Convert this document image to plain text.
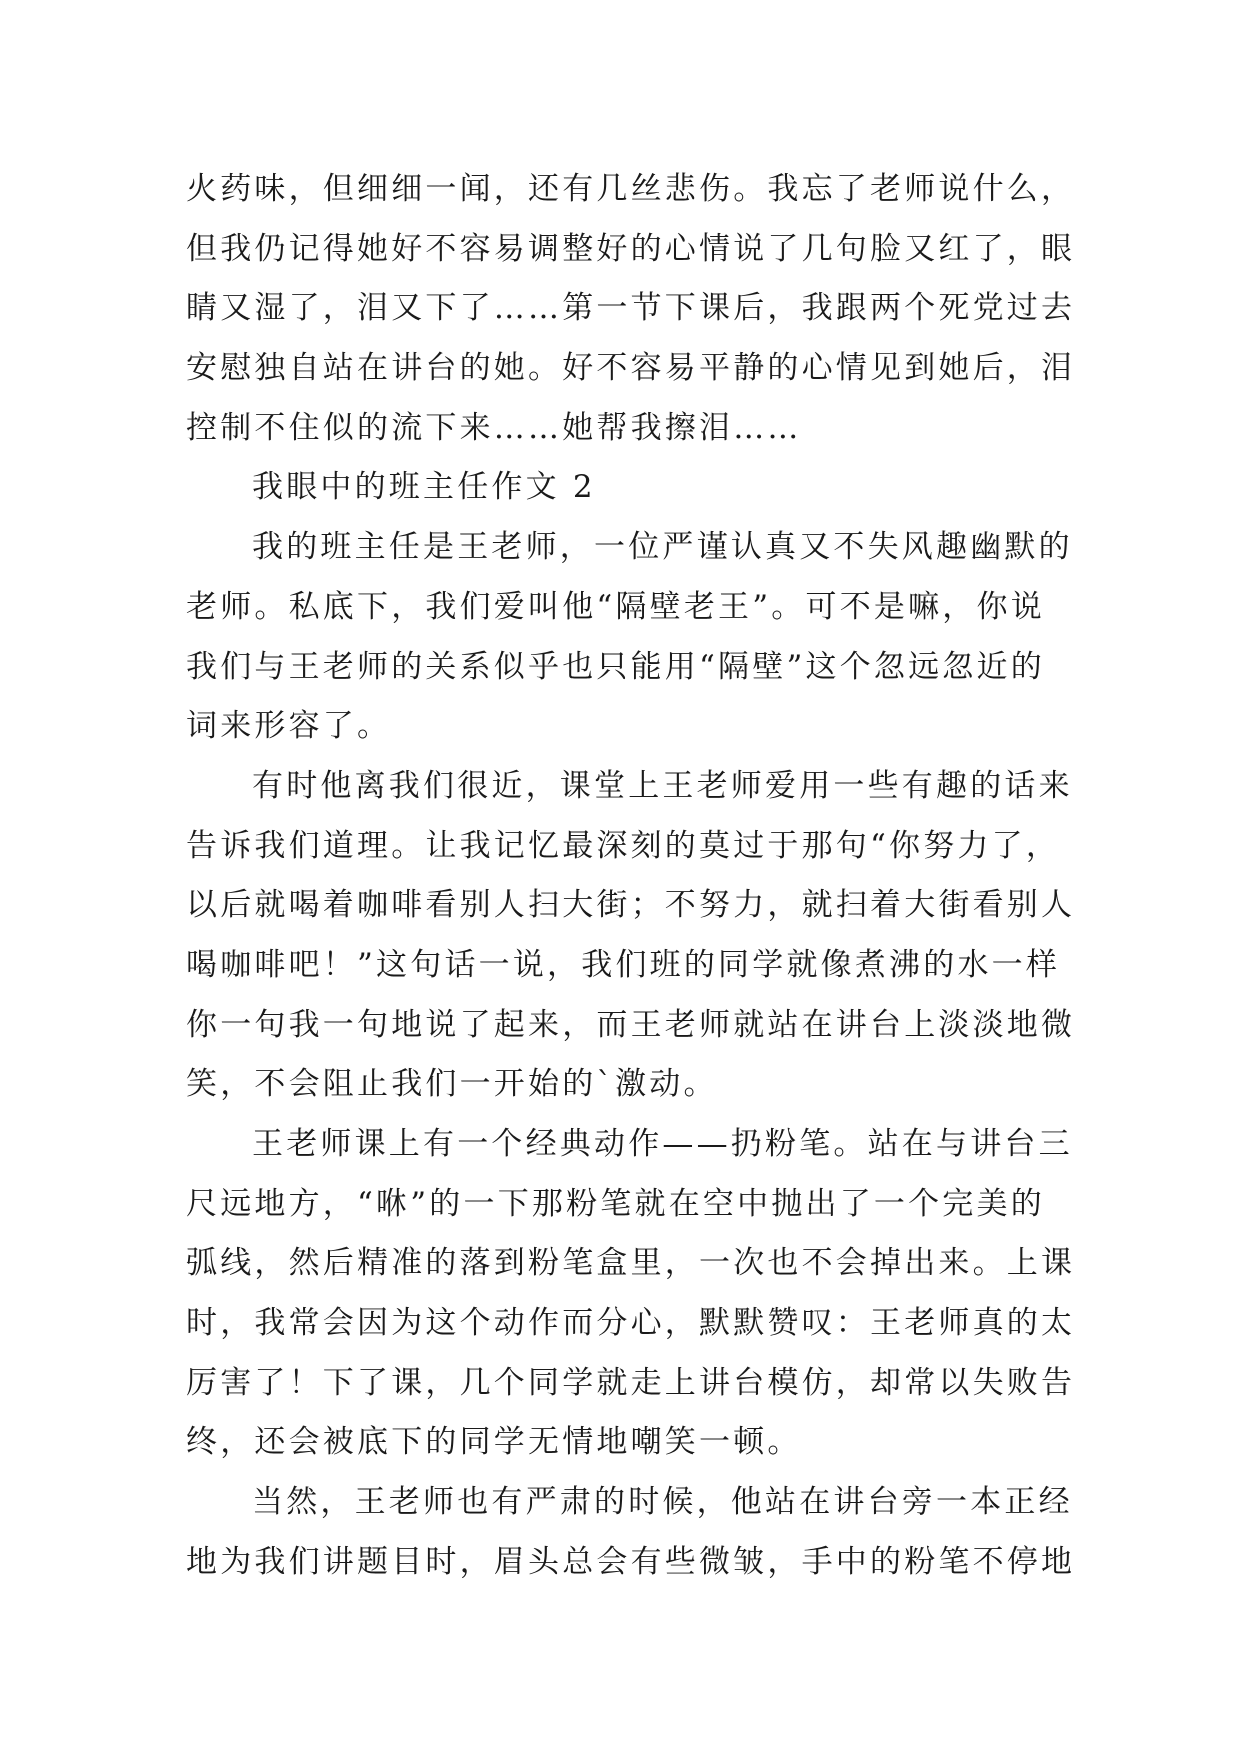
火药味，但细细一闻，还有几丝悲伤。我忘了老师说什么，
但我仍记得她好不容易调整好的心情说了几句脸又红了，眼
睛又湿了，泪又下了……第一节下课后，我跟两个死党过去
安慰独自站在讲台的她。好不容易平静的心情见到她后，泪
控制不住似的流下来……她帮我擦泪……
我眼中的班主任作文 2
我的班主任是王老师，一位严谨认真又不失风趣幽默的
老师。私底下，我们爱叫他“隔壁老王”。可不是嘛，你说
我们与王老师的关系似乎也只能用“隔壁”这个忽远忽近的
词来形容了。
有时他离我们很近，课堂上王老师爱用一些有趣的话来
告诉我们道理。让我记忆最深刻的莫过于那句“你努力了，
以后就喝着咖啡看别人扫大街；不努力，就扫着大街看别人
喝咖啡吧！”这句话一说，我们班的同学就像煮沸的水一样
你一句我一句地说了起来，而王老师就站在讲台上淡淡地微
笑，不会阻止我们一开始的`激动。
王老师课上有一个经典动作——扔粉笔。站在与讲台三
尺远地方，“咻”的一下那粉笔就在空中抛出了一个完美的
弧线，然后精准的落到粉笔盒里，一次也不会掉出来。上课
时，我常会因为这个动作而分心，默默赞叹：王老师真的太
厉害了！下了课，几个同学就走上讲台模仿，却常以失败告
终，还会被底下的同学无情地嘲笑一顿。
当然，王老师也有严肃的时候，他站在讲台旁一本正经
地为我们讲题目时，眉头总会有些微皱，手中的粉笔不停地
